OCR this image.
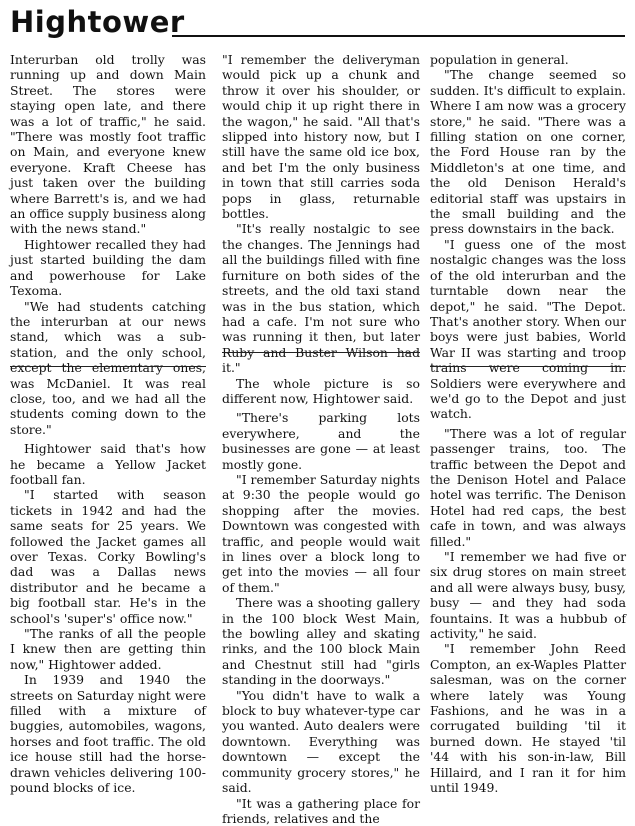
Hightower

Interurban old trolly was running up and down Main Street. The stores were staying open late, and there was a lot of traffic," he said. "There was mostly foot traffic on Main, and everyone knew everyone. Kraft Cheese has just taken over the building where Barrett's is, and we had an office supply business along with the news stand."

Hightower recalled they had just started building the dam and powerhouse for Lake Texoma.

"We had students catching the interurban at our news stand, which was a sub-station, and the only school, except the elementary ones, was McDaniel. It was real close, too, and we had all the students coming down to the store."

Hightower said that's how he became a Yellow Jacket football fan.

"I started with season tickets in 1942 and had the same seats for 25 years. We followed the Jacket games all over Texas. Corky Bowling's dad was a Dallas news distributor and he became a big football star. He's in the school's 'super's' office now."

"The ranks of all the people I knew then are getting thin now," Hightower added.

In 1939 and 1940 the streets on Saturday night were filled with a mixture of buggies, automobiles, wagons, horses and foot traffic. The old ice house still had the horse-drawn vehicles delivering 100-pound blocks of ice.

"I remember the deliveryman would pick up a chunk and throw it over his shoulder, or would chip it up right there in the wagon," he said. "All that's slipped into history now, but I still have the same old ice box, and bet I'm the only business in town that still carries soda pops in glass, returnable bottles.

"It's really nostalgic to see the changes. The Jennings had all the buildings filled with fine furniture on both sides of the streets, and the old taxi stand was in the bus station, which had a cafe. I'm not sure who was running it then, but later Ruby and Buster Wilson had it."

The whole picture is so different now, Hightower said.

"There's parking lots everywhere, and the businesses are gone — at least mostly gone.

"I remember Saturday nights at 9:30 the people would go shopping after the movies. Downtown was congested with traffic, and people would wait in lines over a block long to get into the movies — all four of them."

There was a shooting gallery in the 100 block West Main, the bowling alley and skating rinks, and the 100 block Main and Chestnut still had "girls standing in the doorways."

"You didn't have to walk a block to buy whatever-type car you wanted. Auto dealers were downtown. Everything was downtown — except the community grocery stores," he said.

"It was a gathering place for friends, relatives and the

population in general.

"The change seemed so sudden. It's difficult to explain. Where I am now was a grocery store," he said. "There was a filling station on one corner, the Ford House ran by the Middleton's at one time, and the old Denison Herald's editorial staff was upstairs in the small building and the press downstairs in the back.

"I guess one of the most nostalgic changes was the loss of the old interurban and the turntable down near the depot," he said. "The Depot. That's another story. When our boys were just babies, World War II was starting and troop trains were coming in. Soldiers were everywhere and we'd go to the Depot and just watch.

"There was a lot of regular passenger trains, too. The traffic between the Depot and the Denison Hotel and Palace hotel was terrific. The Denison Hotel had red caps, the best cafe in town, and was always filled."

"I remember we had five or six drug stores on main street and all were always busy, busy, busy — and they had soda fountains. It was a hubbub of activity," he said.

"I remember John Reed Compton, an ex-Waples Platter salesman, was on the corner where lately was Young Fashions, and he was in a corrugated building 'til it burned down. He stayed 'til '44 with his son-in-law, Bill Hillaird, and I ran it for him until 1949.
